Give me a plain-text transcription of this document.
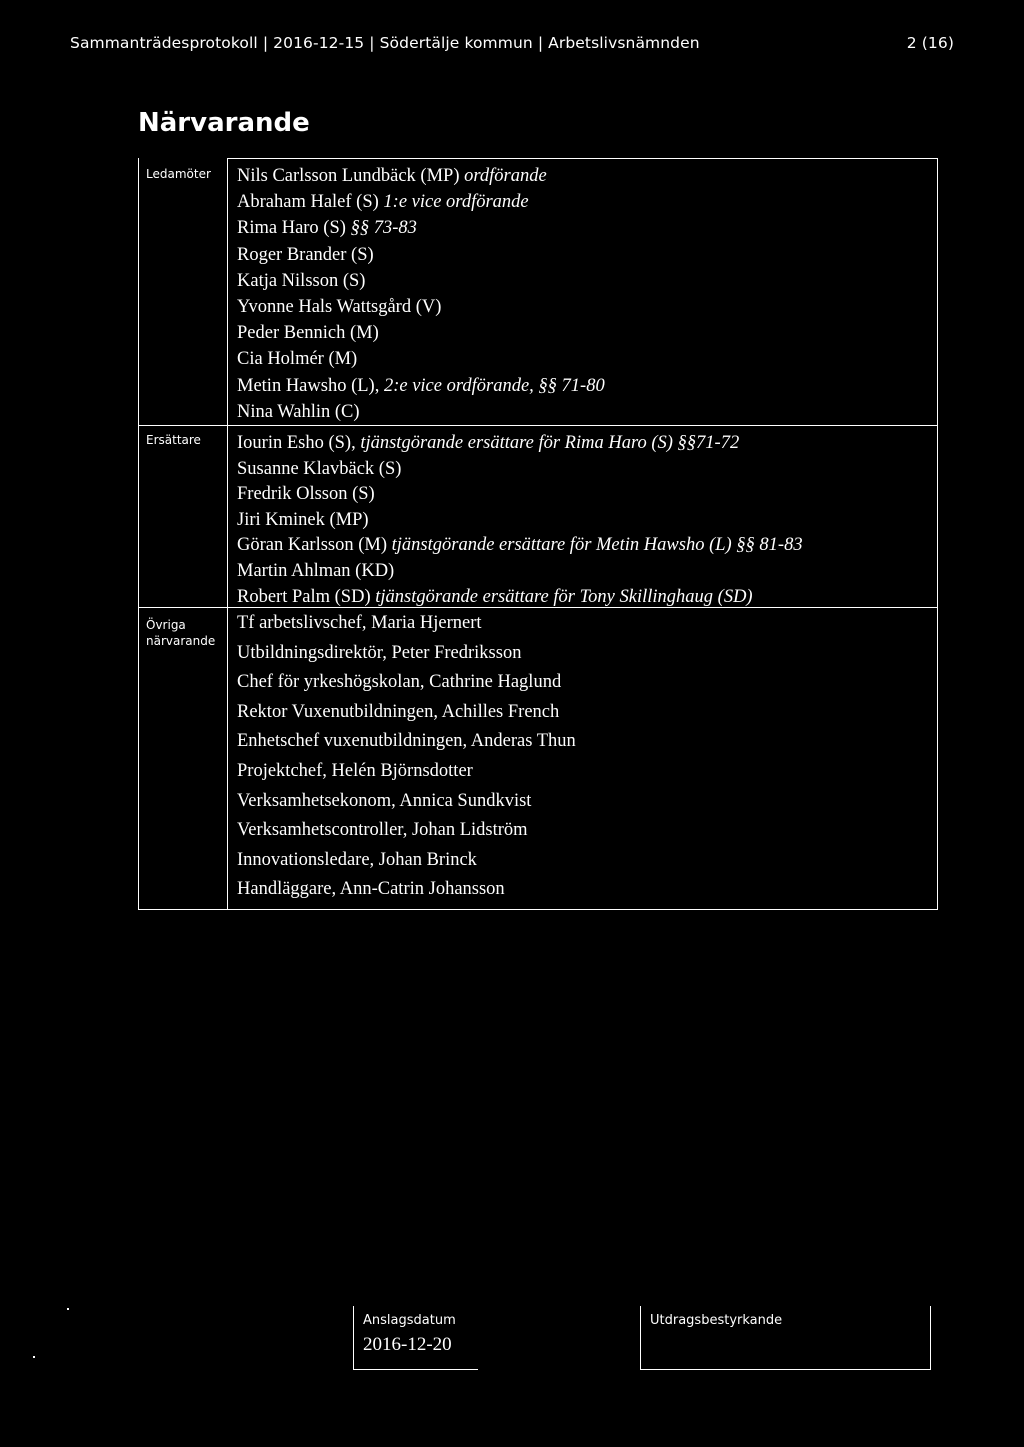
Sammanträdesprotokoll | 2016-12-15 | Södertälje kommun | Arbetslivsnämnden	2 (16)
Närvarande
Ledamöter
Ersättare
Övriga
närvarande
Nils Carlsson Lundbäck (MP) ordförande
Abraham Halef (S) 1:e vice ordförande
Rima Haro (S) §§ 73-83
Roger Brander (S)
Katja Nilsson (S)
Yvonne Hals Wattsgård (V)
Peder Bennich (M)
Cia Holmér (M)
Metin Hawsho (L), 2:e vice ordförande, §§ 71-80
Nina Wahlin (C)
Iourin Esho (S), tjänstgörande ersättare för Rima Haro (S) §§71-72
Susanne Klavbäck (S)
Fredrik Olsson (S)
Jiri Kminek (MP)
Göran Karlsson (M) tjänstgörande ersättare för Metin Hawsho (L) §§ 81-83
Martin Ahlman (KD)
Robert Palm (SD) tjänstgörande ersättare för Tony Skillinghaug (SD)
Tf arbetslivschef, Maria Hjernert
Utbildningsdirektör, Peter Fredriksson
Chef för yrkeshögskolan, Cathrine Haglund
Rektor Vuxenutbildningen, Achilles French
Enhetschef vuxenutbildningen, Anderas Thun
Projektchef, Helén Björnsdotter
Verksamhetsekonom, Annica Sundkvist
Verksamhetscontroller, Johan Lidström
Innovationsledare, Johan Brinck
Handläggare, Ann-Catrin Johansson
Anslagsdatum
2016-12-20
Utdragsbestyrkande
